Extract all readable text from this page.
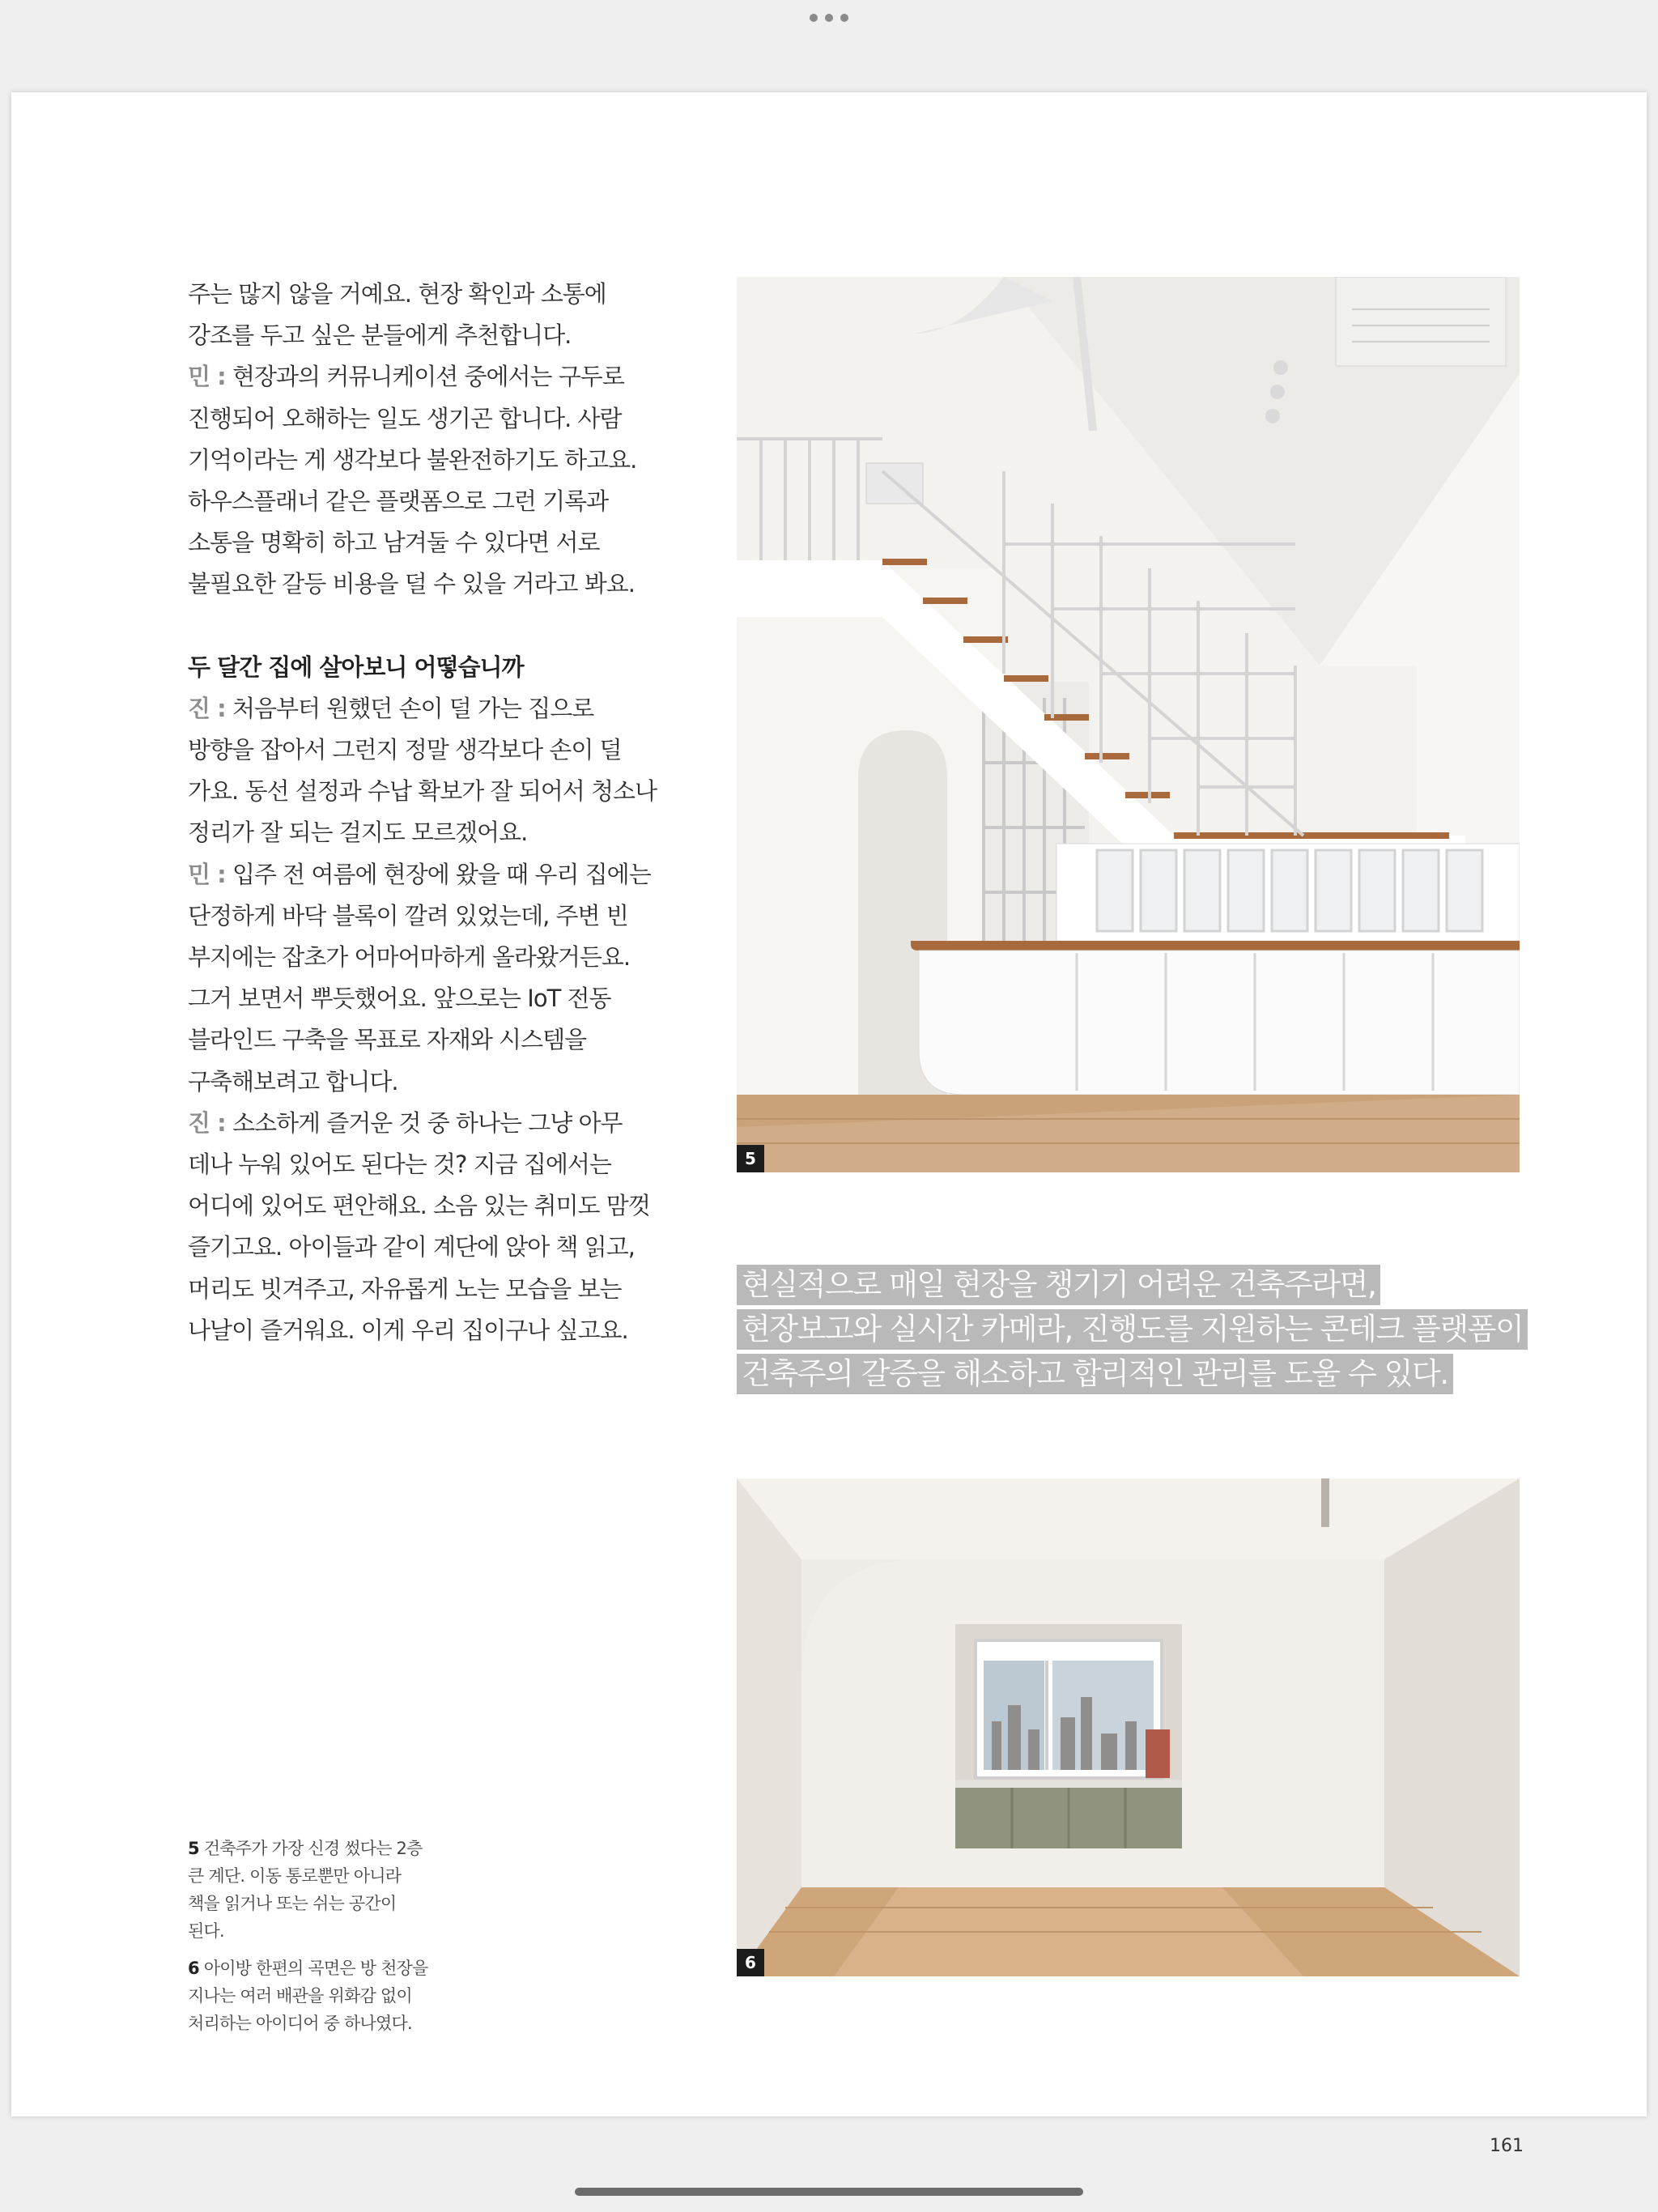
주는 많지 않을 거예요. 현장 확인과 소통에 강조를 두고 싶은 분들에게 추천합니다.

민 : 현장과의 커뮤니케이션 중에서는 구두로 진행되어 오해하는 일도 생기곤 합니다. 사람 기억이라는 게 생각보다 불완전하기도 하고요. 하우스플래너 같은 플랫폼으로 그런 기록과 소통을 명확히 하고 남겨둘 수 있다면 서로 불필요한 갈등 비용을 덜 수 있을 거라고 봐요.

두 달간 집에 살아보니 어떻습니까

진 : 처음부터 원했던 손이 덜 가는 집으로 방향을 잡아서 그런지 정말 생각보다 손이 덜 가요. 동선 설정과 수납 확보가 잘 되어서 청소나 정리가 잘 되는 걸지도 모르겠어요.

민 : 입주 전 여름에 현장에 왔을 때 우리 집에는 단정하게 바닥 블록이 깔려 있었는데, 주변 빈 부지에는 잡초가 어마어마하게 올라왔거든요. 그거 보면서 뿌듯했어요. 앞으로는 IoT 전동 블라인드 구축을 목표로 자재와 시스템을 구축해보려고 합니다.

진 : 소소하게 즐거운 것 중 하나는 그냥 아무 데나 누워 있어도 된다는 것? 지금 집에서는 어디에 있어도 편안해요. 소음 있는 취미도 맘껏 즐기고요. 아이들과 같이 계단에 앉아 책 읽고, 머리도 빗겨주고, 자유롭게 노는 모습을 보는 나날이 즐거워요. 이게 우리 집이구나 싶고요.

5
현실적으로 매일 현장을 챙기기 어려운 건축주라면,
현장보고와 실시간 카메라, 진행도를 지원하는 콘테크 플랫폼이
건축주의 갈증을 해소하고 합리적인 관리를 도울 수 있다.
6

5 건축주가 가장 신경 썼다는 2층 큰 계단. 이동 통로뿐만 아니라 책을 읽거나 또는 쉬는 공간이 된다.

6 아이방 한편의 곡면은 방 천장을 지나는 여러 배관을 위화감 없이 처리하는 아이디어 중 하나였다.

161
